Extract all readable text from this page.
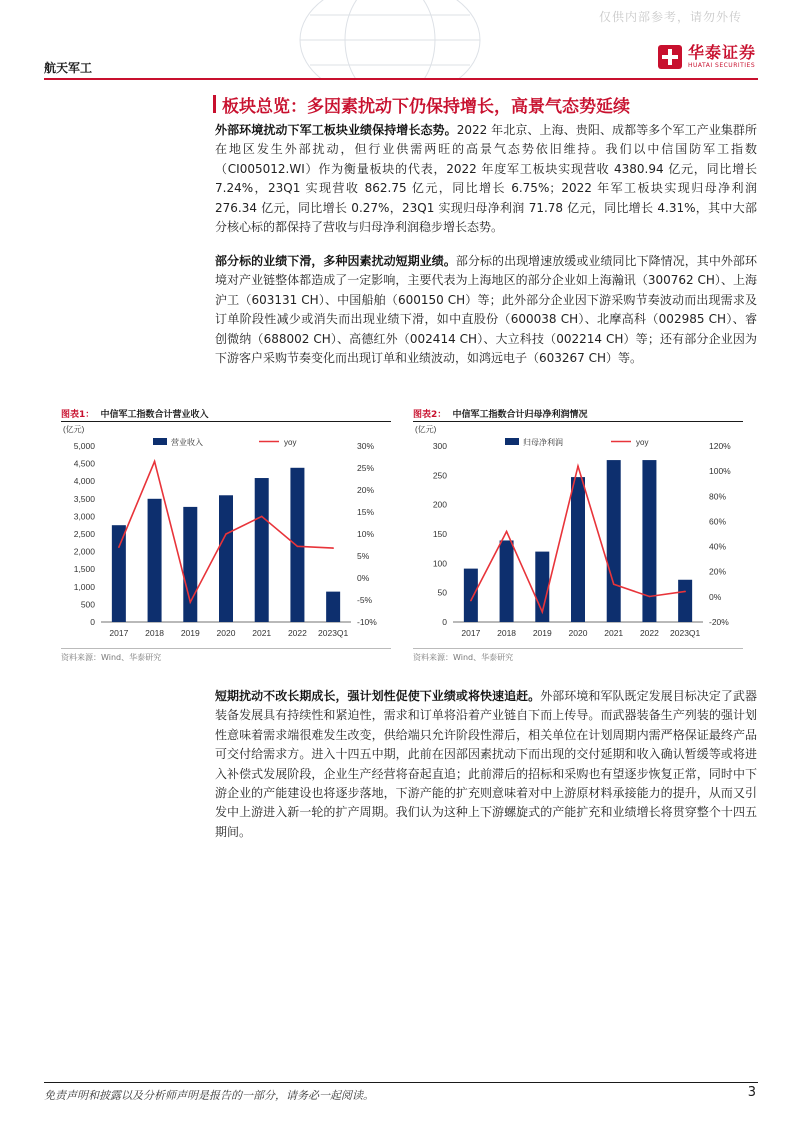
仅供内部参考，请勿外传
航天军工
华泰证券
HUATAI SECURITIES
板块总览：多因素扰动下仍保持增长，高景气态势延续
外部环境扰动下军工板块业绩保持增长态势。2022 年北京、上海、贵阳、成都等多个军工产业集群所在地区发生外部扰动，但行业供需两旺的高景气态势依旧维持。我们以中信国防军工指数（CI005012.WI）作为衡量板块的代表，2022 年度军工板块实现营收 4380.94 亿元，同比增长 7.24%，23Q1 实现营收 862.75 亿元，同比增长 6.75%；2022 年军工板块实现归母净利润 276.34 亿元，同比增长 0.27%，23Q1 实现归母净利润 71.78 亿元，同比增长 4.31%，其中大部分核心标的都保持了营收与归母净利润稳步增长态势。
部分标的业绩下滑，多种因素扰动短期业绩。部分标的出现增速放缓或业绩同比下降情况，其中外部环境对产业链整体都造成了一定影响，主要代表为上海地区的部分企业如上海瀚讯（300762 CH）、上海沪工（603131 CH）、中国船舶（600150 CH）等；此外部分企业因下游采购节奏波动而出现需求及订单阶段性减少或消失而出现业绩下滑，如中直股份（600038 CH）、北摩高科（002985 CH）、睿创微纳（688002 CH）、高德红外（002414 CH）、大立科技（002214 CH）等；还有部分企业因为下游客户采购节奏变化而出现订单和业绩波动，如鸿远电子（603267 CH）等。
图表1： 中信军工指数合计营业收入
(亿元)
0
500
1,000
1,500
2,000
2,500
3,000
3,500
4,000
4,500
5,000
-10%
-5%
0%
5%
10%
15%
20%
25%
30%
2017 2018 2019 2020 2021 2022 2023Q1
营业收入	yoy
资料来源：Wind、华泰研究
图表2： 中信军工指数合计归母净利润情况
(亿元)
0
50
100
150
200
250
300
-20%
0%
20%
40%
60%
80%
100%
120%
2017 2018 2019 2020 2021 2022 2023Q1
归母净利润	yoy
资料来源：Wind、华泰研究
短期扰动不改长期成长，强计划性促使下业绩或将快速追赶。外部环境和军队既定发展目标决定了武器装备发展具有持续性和紧迫性，需求和订单将沿着产业链自下而上传导。而武器装备生产列装的强计划性意味着需求端很难发生改变，供给端只允许阶段性滞后，相关单位在计划周期内需严格保证最终产品可交付给需求方。进入十四五中期，此前在因部因素扰动下而出现的交付延期和收入确认暂缓等或将进入补偿式发展阶段，企业生产经营将奋起直追；此前滞后的招标和采购也有望逐步恢复正常，同时中下游企业的产能建设也将逐步落地，下游产能的扩充则意味着对中上游原材料承接能力的提升，从而又引发中上游进入新一轮的扩产周期。我们认为这种上下游螺旋式的产能扩充和业绩增长将贯穿整个十四五期间。
免责声明和披露以及分析师声明是报告的一部分，请务必一起阅读。	3
